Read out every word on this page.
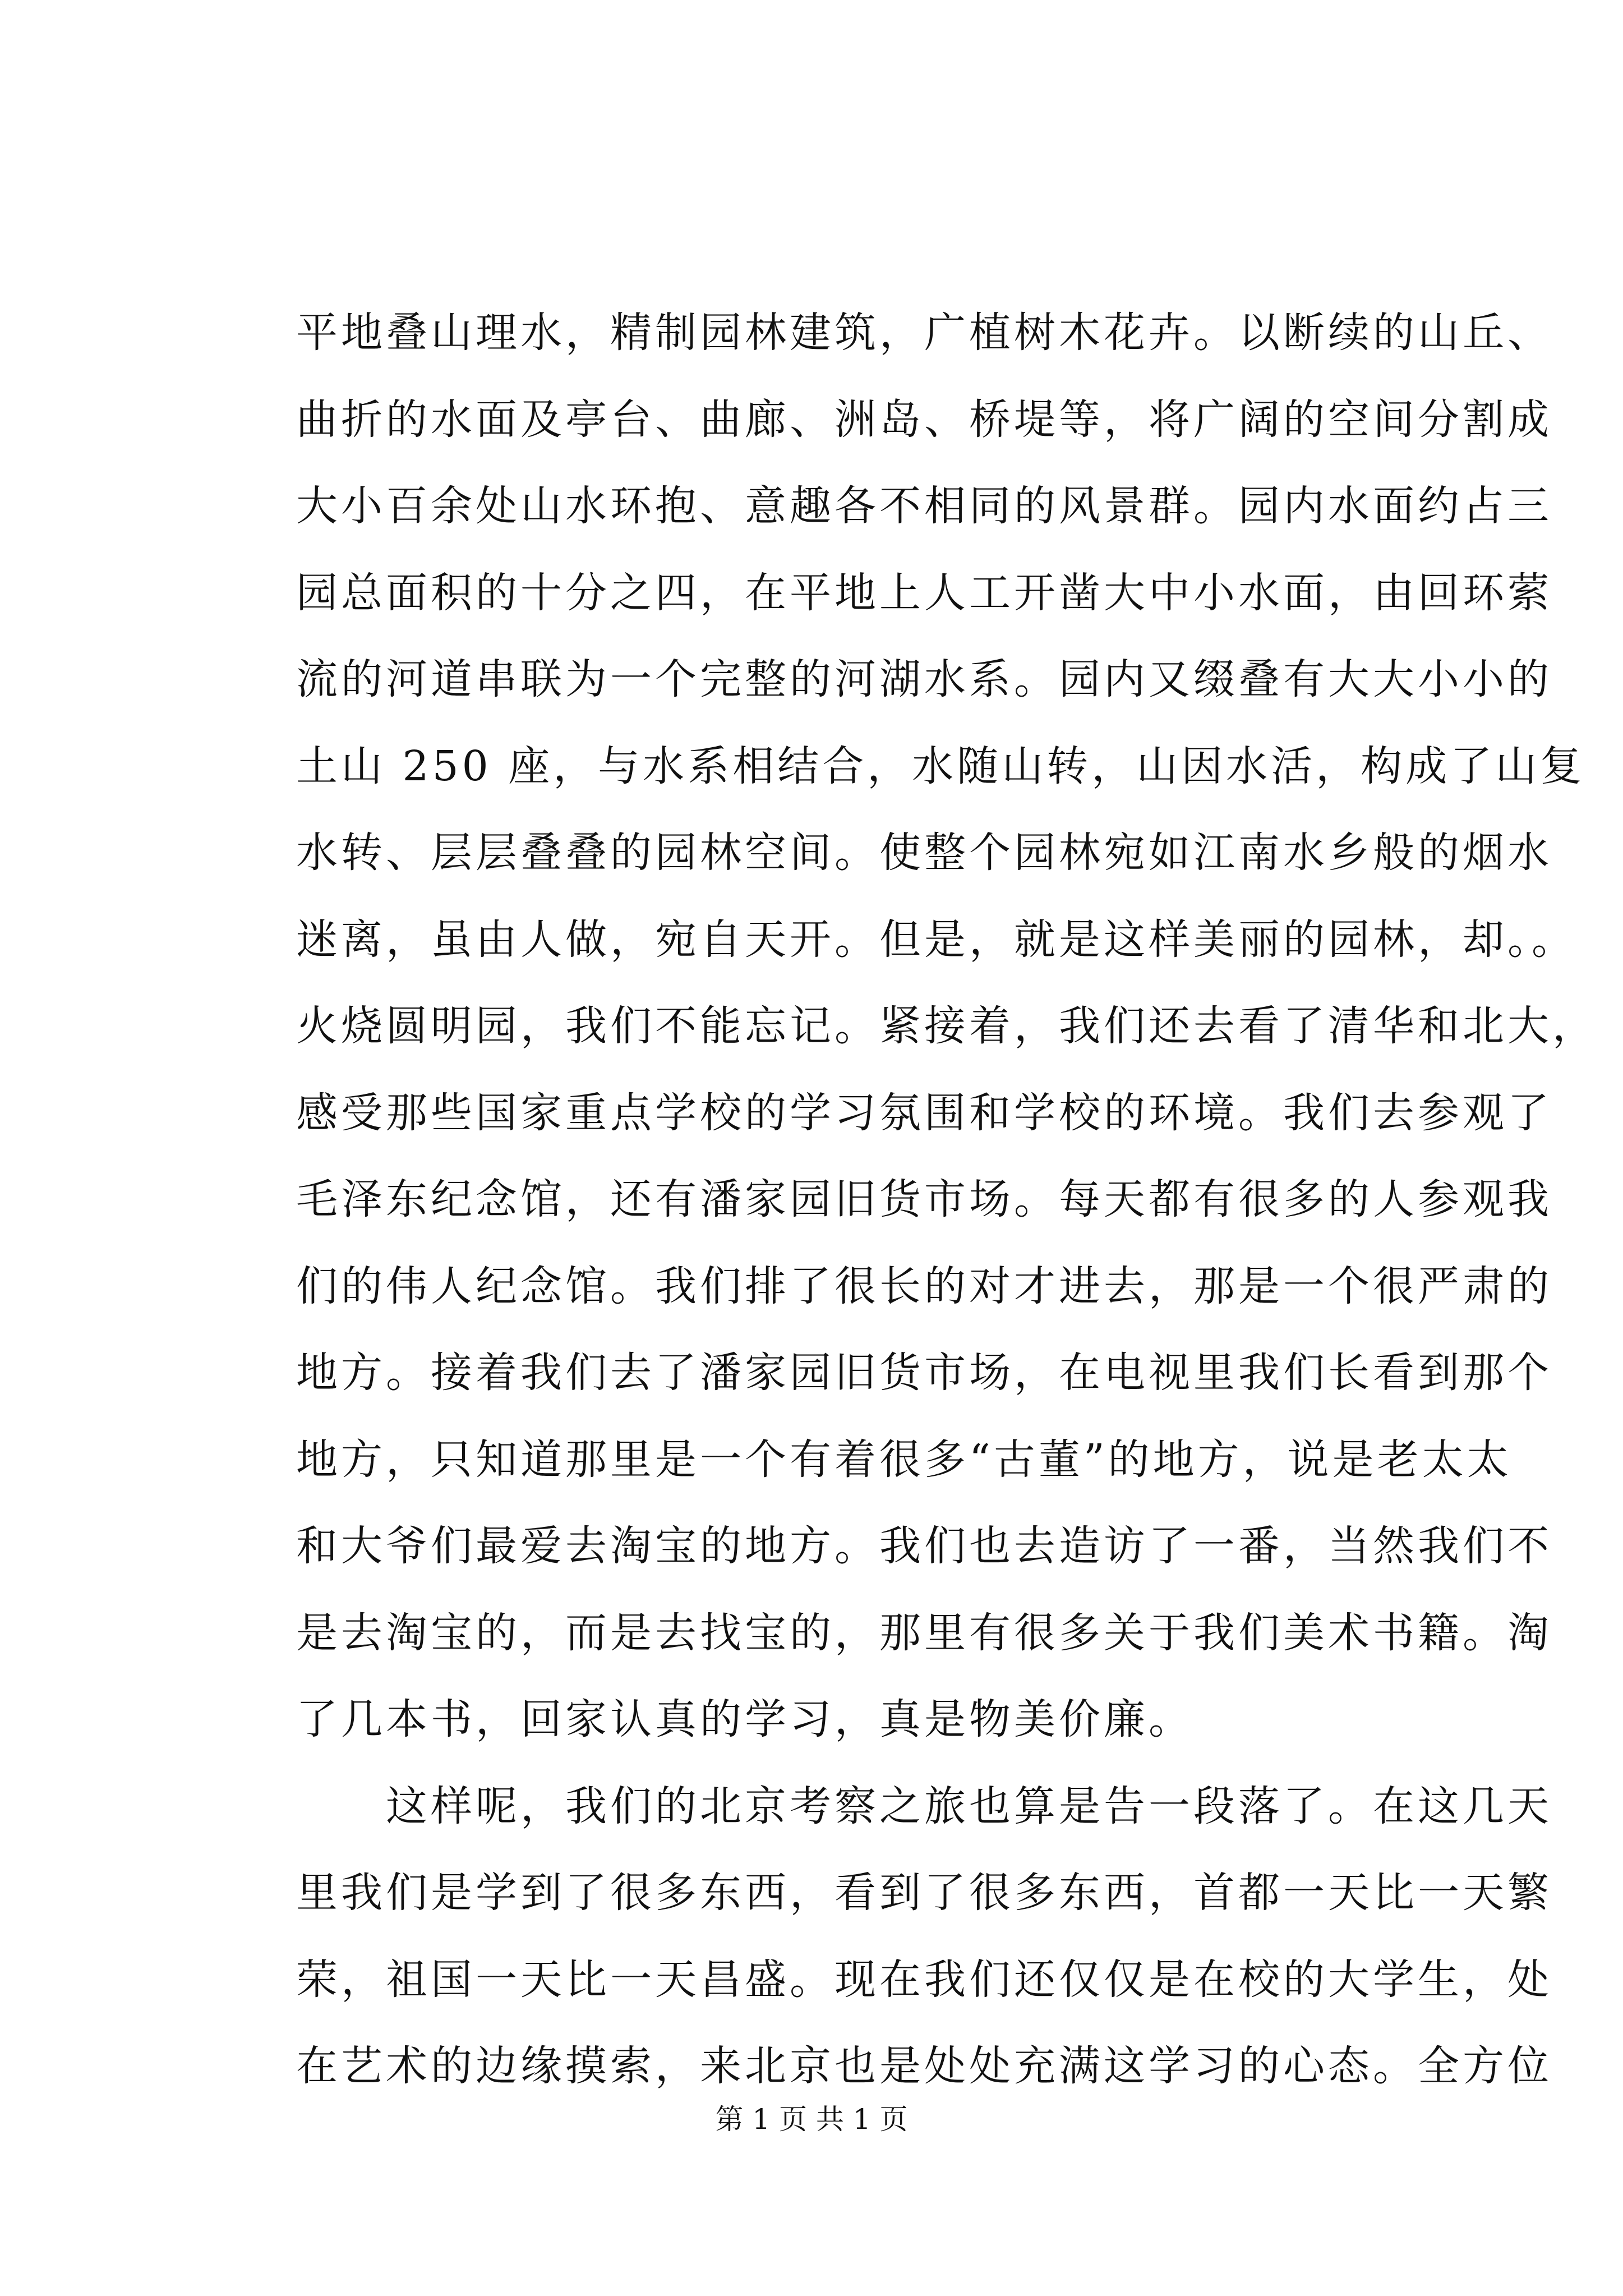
平地叠山理水，精制园林建筑，广植树木花卉。以断续的山丘、
曲折的水面及亭台、曲廊、洲岛、桥堤等，将广阔的空间分割成
大小百余处山水环抱、意趣各不相同的风景群。园内水面约占三
园总面积的十分之四，在平地上人工开凿大中小水面，由回环萦
流的河道串联为一个完整的河湖水系。园内又缀叠有大大小小的
土山 250 座，与水系相结合，水随山转，山因水活，构成了山复
水转、层层叠叠的园林空间。使整个园林宛如江南水乡般的烟水
迷离，虽由人做，宛自天开。但是，就是这样美丽的园林，却。。
火烧圆明园，我们不能忘记。紧接着，我们还去看了清华和北大，
感受那些国家重点学校的学习氛围和学校的环境。我们去参观了
毛泽东纪念馆，还有潘家园旧货市场。每天都有很多的人参观我
们的伟人纪念馆。我们排了很长的对才进去，那是一个很严肃的
地方。接着我们去了潘家园旧货市场，在电视里我们长看到那个
地方，只知道那里是一个有着很多“古董”的地方，说是老太太
和大爷们最爱去淘宝的地方。我们也去造访了一番，当然我们不
是去淘宝的，而是去找宝的，那里有很多关于我们美术书籍。淘
了几本书，回家认真的学习，真是物美价廉。
　　这样呢，我们的北京考察之旅也算是告一段落了。在这几天
里我们是学到了很多东西，看到了很多东西，首都一天比一天繁
荣，祖国一天比一天昌盛。现在我们还仅仅是在校的大学生，处
在艺术的边缘摸索，来北京也是处处充满这学习的心态。全方位
第 1 页 共 1 页
